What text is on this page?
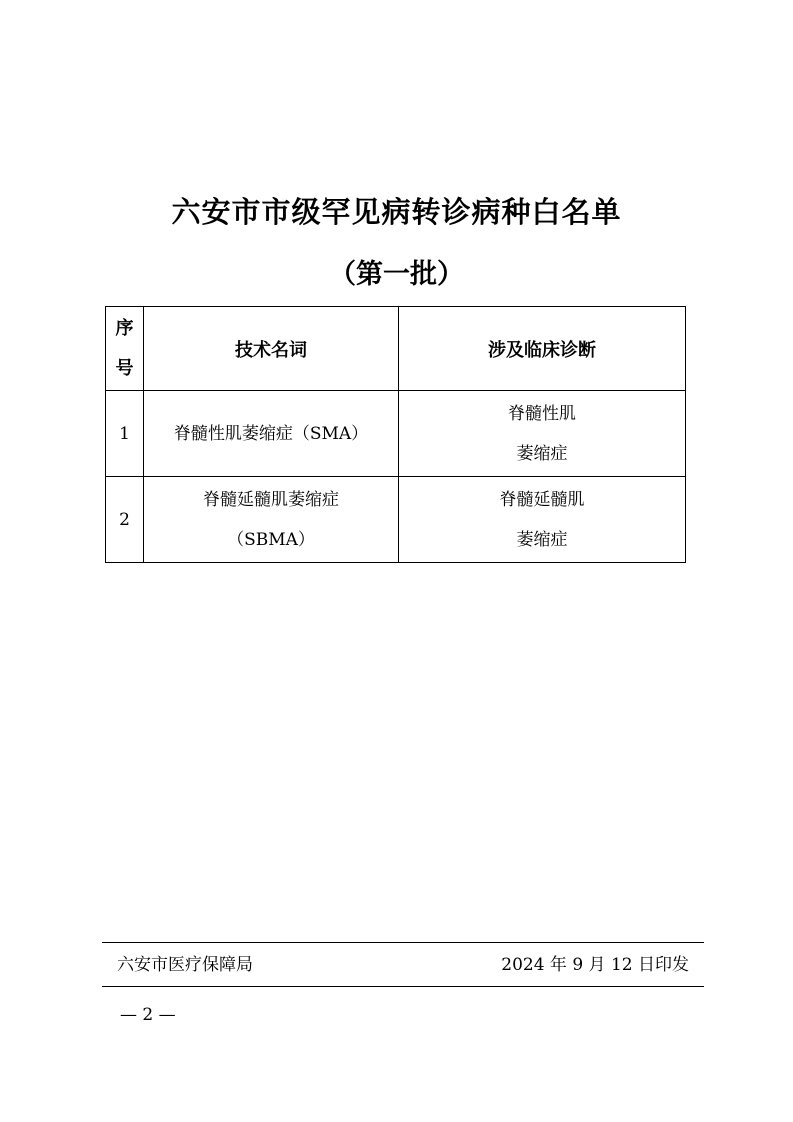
六安市市级罕见病转诊病种白名单
（第一批）
序
号	技术名词	涉及临床诊断
1	脊髓性肌萎缩症（SMA）	脊髓性肌
萎缩症

2	脊髓延髓肌萎缩症
（SBMA）	脊髓延髓肌
萎缩症
六安市医疗保障局	2024 年 9 月 12 日印发
— 2 —
